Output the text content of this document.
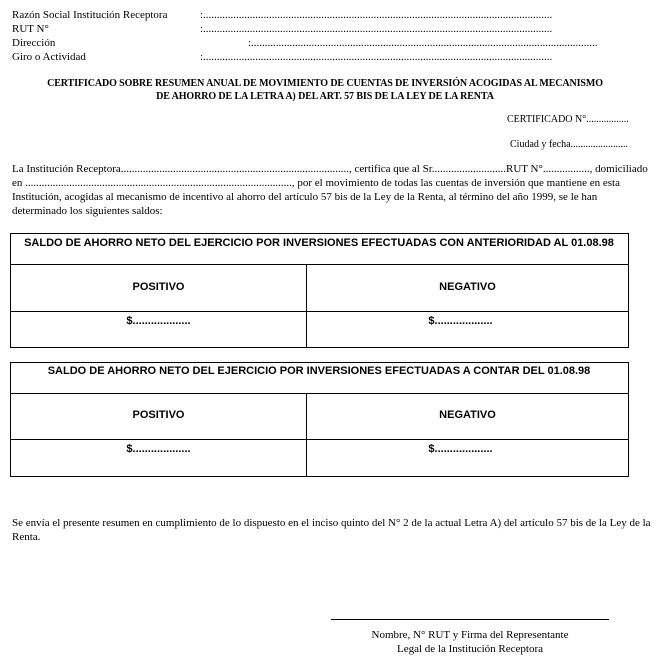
Razón Social Institución Receptora	:...............................................................................................................................
RUT N°	:...............................................................................................................................
Dirección	:..............................................................................................................................
Giro o Actividad	:...............................................................................................................................
CERTIFICADO SOBRE RESUMEN ANUAL DE MOVIMIENTO DE CUENTAS DE INVERSIÓN ACOGIDAS AL MECANISMO
DE AHORRO DE LA LETRA A) DEL ART. 57 BIS DE LA LEY DE LA RENTA
CERTIFICADO N°.................
Ciudad y fecha.......................
La Institución Receptora..................................................................................., certifica que al Sr...........................RUT N°................., domiciliado en ................................................................................................., por el movimiento de todas las cuentas de inversión que mantiene en esta Institución, acogidas al mecanismo de incentivo al ahorro del artículo 57 bis de la Ley de la Renta, al término del año 1999, se le han determinado los siguientes saldos:
SALDO DE AHORRO NETO DEL EJERCICIO POR INVERSIONES EFECTUADAS CON ANTERIORIDAD AL 01.08.98
POSITIVO	NEGATIVO
$...................	$...................
SALDO DE AHORRO NETO DEL EJERCICIO POR INVERSIONES EFECTUADAS A CONTAR DEL 01.08.98
POSITIVO	NEGATIVO
$...................	$...................
Se envía el presente resumen en cumplimiento de lo dispuesto en el inciso quinto del N° 2 de la actual Letra A) del artículo 57 bis de la Ley de la Renta.
Nombre, N° RUT y Firma del Representante
Legal de la Institución Receptora
